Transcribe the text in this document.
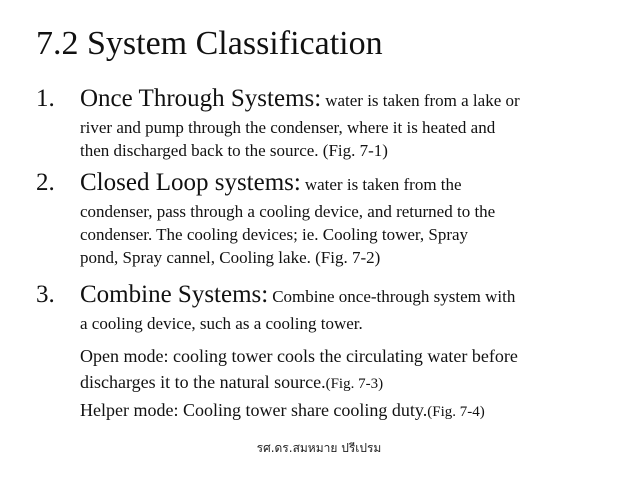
7.2 System Classification
1. Once Through Systems: water is taken from a lake or
river and pump through the condenser, where it is heated and
then discharged back to the source. (Fig. 7-1)
2. Closed Loop systems: water is taken from the
condenser, pass through a cooling device, and returned to the
condenser. The cooling devices; ie. Cooling tower, Spray
pond, Spray cannel, Cooling lake. (Fig. 7-2)
3. Combine Systems: Combine once-through system with
a cooling device, such as a cooling tower.
Open mode: cooling tower cools the circulating water before
discharges it to the natural source.(Fig. 7-3)
Helper mode: Cooling tower share cooling duty.(Fig. 7-4)
รศ.ดร.สมหมาย ปรีเปรม
